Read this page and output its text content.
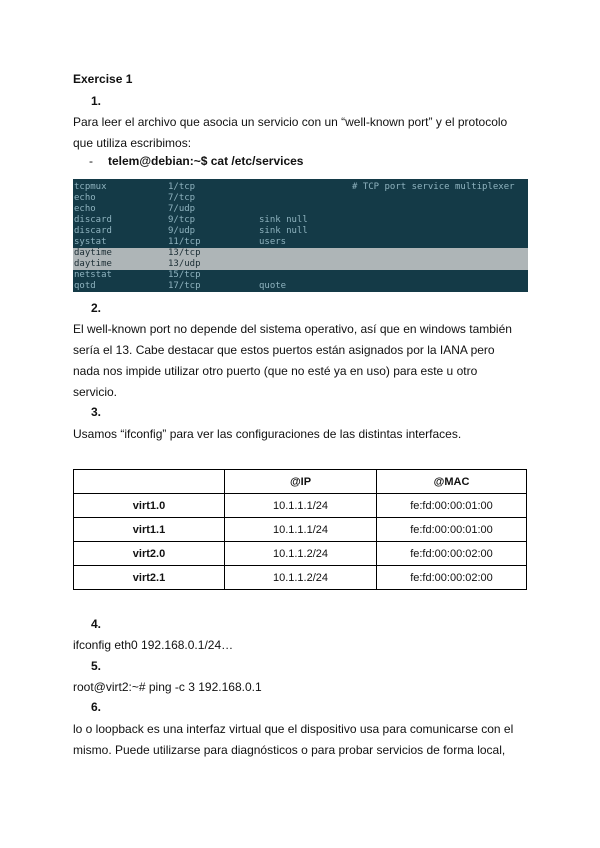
Exercise 1
1.
Para leer el archivo que asocia un servicio con un “well-known port” y el protocolo
que utiliza escribimos:
- telem@debian:~$ cat /etc/services
tcpmux	1/tcp	# TCP port service multiplexer
echo	7/tcp
echo	7/udp
discard	9/tcp	sink null
discard	9/udp	sink null
systat	11/tcp	users
daytime	13/tcp
daytime	13/udp
netstat	15/tcp
qotd	17/tcp	quote
2.
El well-known port no depende del sistema operativo, así que en windows también
sería el 13. Cabe destacar que estos puertos están asignados por la IANA pero
nada nos impide utilizar otro puerto (que no esté ya en uso) para este u otro
servicio.
3.
Usamos “ifconfig” para ver las configuraciones de las distintas interfaces.
	@IP	@MAC
virt1.0	10.1.1.1/24	fe:fd:00:00:01:00
virt1.1	10.1.1.1/24	fe:fd:00:00:01:00
virt2.0	10.1.1.2/24	fe:fd:00:00:02:00
virt2.1	10.1.1.2/24	fe:fd:00:00:02:00
4.
ifconfig eth0 192.168.0.1/24…
5.
root@virt2:~# ping -c 3 192.168.0.1
6.
lo o loopback es una interfaz virtual que el dispositivo usa para comunicarse con el
mismo. Puede utilizarse para diagnósticos o para probar servicios de forma local,
